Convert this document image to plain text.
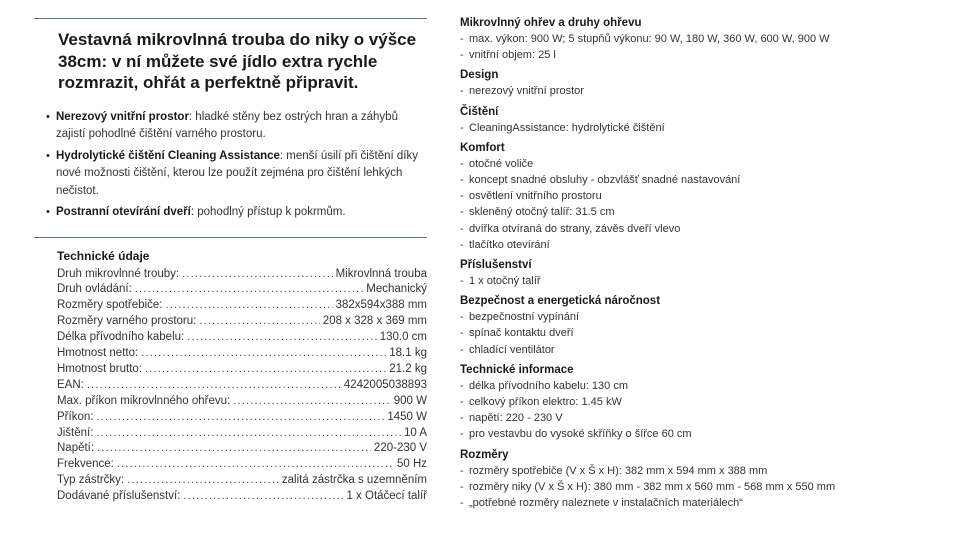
Vestavná mikrovlnná trouba do niky o výšce 38cm: v ní můžete své jídlo extra rychle rozmrazit, ohřát a perfektně připravit.
• Nerezový vnitřní prostor: hladké stěny bez ostrých hran a záhybů zajistí pohodlné čištění varného prostoru.
• Hydrolytické čištění Cleaning Assistance: menší úsilí při čištění díky nové možnosti čištění, kterou lze použít zejména pro čištění lehkých nečistot.
• Postranní otevírání dveří: pohodlný přístup k pokrmům.
Technické údaje
Druh mikrovlnné trouby: .....	Mikrovlnná trouba
Druh ovládání: .....	Mechanický
Rozměry spotřebiče: .....	382x594x388 mm
Rozměry varného prostoru: .....	208 x 328 x 369 mm
Délka přívodního kabelu: .....	130.0 cm
Hmotnost netto: .....	18.1 kg
Hmotnost brutto: .....	21.2 kg
EAN: .....	4242005038893
Max. příkon mikrovlnného ohřevu: .....	900 W
Příkon: .....	1450 W
Jištění: .....	10 A
Napětí: .....	220-230 V
Frekvence: .....	50 Hz
Typ zástrčky: .....	zalitá zástrčka s uzemněním
Dodávané příslušenství: .....	1 x Otáčecí talíř
Mikrovlnný ohřev a druhy ohřevu
- max. výkon: 900 W; 5 stupňů výkonu: 90 W, 180 W, 360 W, 600 W, 900 W
- vnitřní objem: 25 l
Design
- nerezový vnitřní prostor
Čištění
- CleaningAssistance: hydrolytické čištění
Komfort
- otočné voliče
- koncept snadné obsluhy - obzvlášť snadné nastavování
- osvětlení vnitřního prostoru
- skleněný otočný talíř: 31.5 cm
- dvířka otvíraná do strany, závěs dveří vlevo
- tlačítko otevírání
Příslušenství
- 1 x otočný talíř
Bezpečnost a energetická náročnost
- bezpečnostní vypínání
- spínač kontaktu dveří
- chladící ventilátor
Technické informace
- délka přívodního kabelu: 130 cm
- celkový příkon elektro: 1.45 kW
- napětí: 220 - 230 V
- pro vestavbu do vysoké skříňky o šířce 60 cm
Rozměry
- rozměry spotřebiče (V x Š x H): 382 mm x 594 mm x 388 mm
- rozměry niky (V x Š x H): 380 mm - 382 mm x 560 mm - 568 mm x 550 mm
- „potřebné rozměry naleznete v instalačních materiálech“
